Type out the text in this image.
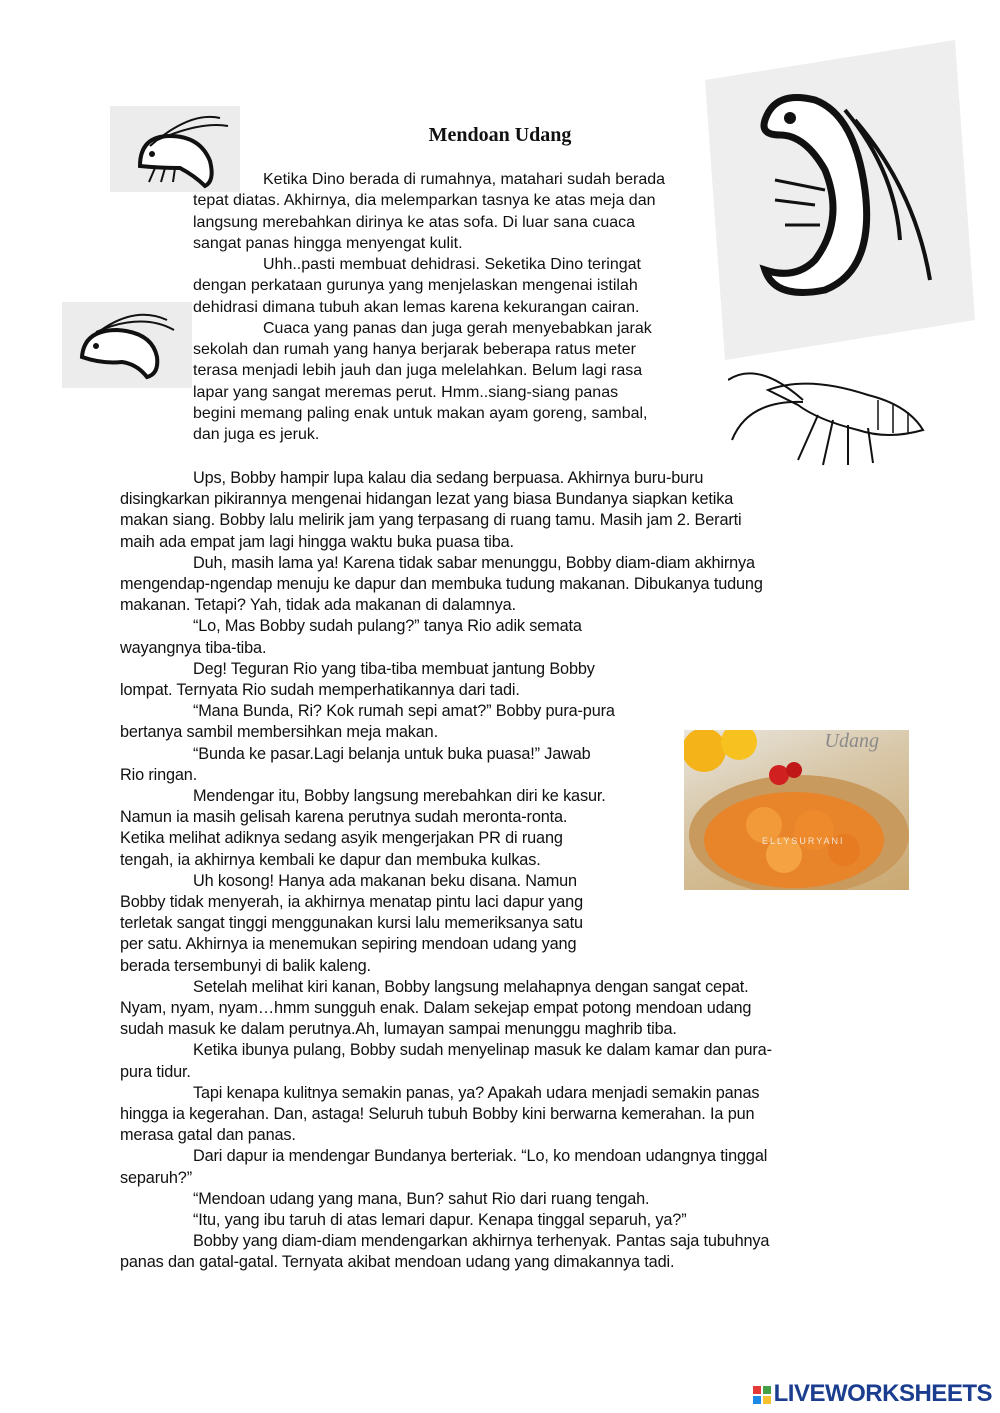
Mendoan Udang
Ketika Dino berada di rumahnya, matahari sudah berada
tepat diatas. Akhirnya, dia melemparkan tasnya ke atas meja dan
langsung merebahkan dirinya ke atas sofa. Di luar sana cuaca
sangat panas hingga menyengat kulit.
Uhh..pasti membuat dehidrasi. Seketika Dino teringat
dengan perkataan gurunya yang menjelaskan mengenai istilah
dehidrasi dimana tubuh akan lemas karena kekurangan cairan.
Cuaca yang panas dan juga gerah menyebabkan jarak
sekolah dan rumah yang hanya berjarak beberapa ratus meter
terasa menjadi lebih jauh dan juga melelahkan. Belum lagi rasa
lapar yang sangat meremas perut. Hmm..siang-siang panas
begini memang paling enak untuk makan ayam goreng, sambal,
dan juga es jeruk.
Ups, Bobby hampir lupa kalau dia sedang berpuasa. Akhirnya buru-buru
disingkarkan pikirannya mengenai hidangan lezat yang biasa Bundanya siapkan ketika
makan siang. Bobby lalu melirik jam yang terpasang di ruang tamu. Masih jam 2. Berarti
maih ada empat jam lagi hingga waktu buka puasa tiba.
Duh, masih lama ya! Karena tidak sabar menunggu, Bobby diam-diam akhirnya
mengendap-ngendap menuju ke dapur dan membuka tudung makanan. Dibukanya tudung
makanan. Tetapi? Yah, tidak ada makanan di dalamnya.
“Lo, Mas Bobby sudah pulang?” tanya Rio adik semata
wayangnya tiba-tiba.
Deg! Teguran Rio yang tiba-tiba membuat jantung Bobby
lompat. Ternyata Rio sudah memperhatikannya dari tadi.
“Mana Bunda, Ri? Kok rumah sepi amat?” Bobby pura-pura
bertanya sambil membersihkan meja makan.
“Bunda ke pasar.Lagi belanja untuk buka puasa!” Jawab
Rio ringan.
Mendengar itu, Bobby langsung merebahkan diri ke kasur.
Namun ia masih gelisah karena perutnya sudah meronta-ronta.
Ketika melihat adiknya sedang asyik mengerjakan PR di ruang
tengah, ia akhirnya kembali ke dapur dan membuka kulkas.
Uh kosong! Hanya ada makanan beku disana. Namun
Bobby tidak menyerah, ia akhirnya menatap pintu laci dapur yang
terletak sangat tinggi menggunakan kursi lalu memeriksanya satu
per satu. Akhirnya ia menemukan sepiring mendoan udang yang
berada tersembunyi di balik kaleng.
Setelah melihat kiri kanan, Bobby langsung melahapnya dengan sangat cepat.
Nyam, nyam, nyam…hmm sungguh enak. Dalam sekejap empat potong mendoan udang
sudah masuk ke dalam perutnya.Ah, lumayan sampai menunggu maghrib tiba.
Ketika ibunya pulang, Bobby sudah menyelinap masuk ke dalam kamar dan pura-
pura tidur.
Tapi kenapa kulitnya semakin panas, ya? Apakah udara menjadi semakin panas
hingga ia kegerahan. Dan, astaga! Seluruh tubuh Bobby kini berwarna kemerahan. Ia pun
merasa gatal dan panas.
Dari dapur ia mendengar Bundanya berteriak. “Lo, ko mendoan udangnya tinggal
separuh?”
“Mendoan udang yang mana, Bun? sahut Rio dari ruang tengah.
“Itu, yang ibu taruh di atas lemari dapur. Kenapa tinggal separuh, ya?”
Bobby yang diam-diam mendengarkan akhirnya terhenyak. Pantas saja tubuhnya
panas dan gatal-gatal. Ternyata akibat mendoan udang yang dimakannya tadi.
Udang
ELLYSURYANI
LIVEWORKSHEETS
